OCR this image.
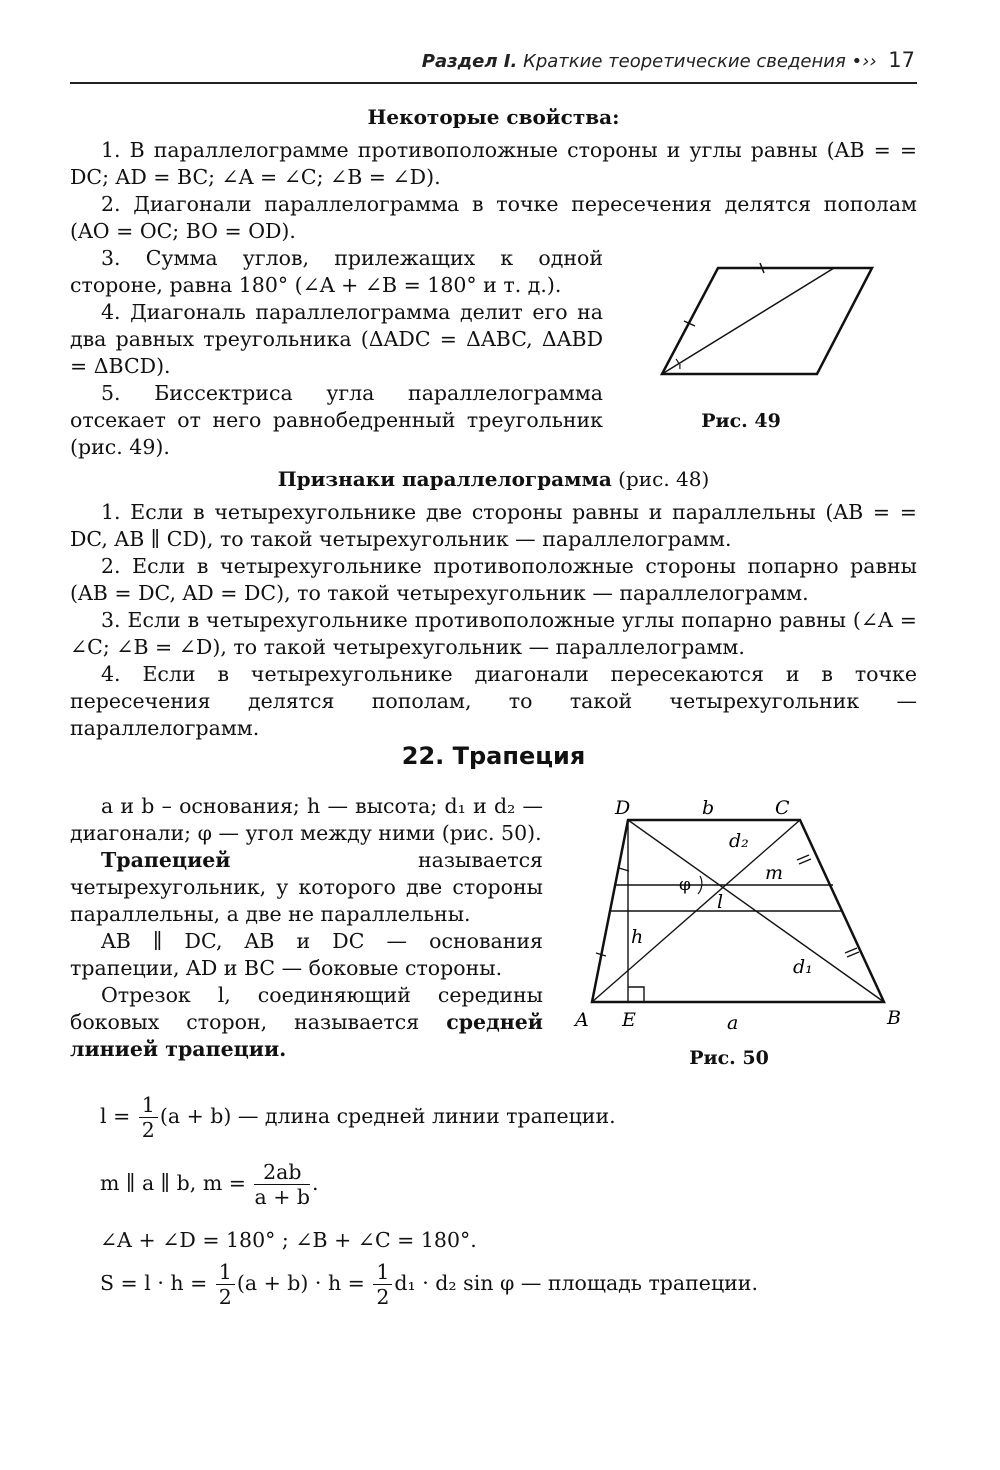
Раздел I. Краткие теоретические сведения •›› 17
Некоторые свойства:

1. В параллелограмме противоположные стороны и углы равны (AB = = DC; AD = BC; ∠A = ∠C; ∠B = ∠D).

2. Диагонали параллелограмма в точке пересечения делятся пополам (AO = OC; BO = OD).

3. Сумма углов, прилежащих к одной стороне, равна 180° (∠A + ∠B = 180° и т. д.).

4. Диагональ параллелограмма делит его на два равных треугольника (ΔADC = ΔABC, ΔABD = ΔBCD).

5. Биссектриса угла параллелограмма отсекает от него равнобедренный треугольник (рис. 49).

Рис. 49
Признаки параллелограмма (рис. 48)

1. Если в четырехугольнике две стороны равны и параллельны (AB = = DC, AB ∥ CD), то такой четырехугольник — параллелограмм.

2. Если в четырехугольнике противоположные стороны попарно равны (AB = DC, AD = DC), то такой четырехугольник — параллелограмм.

3. Если в четырехугольнике противоположные углы попарно равны (∠A = ∠C; ∠B = ∠D), то такой четырехугольник — параллелограмм.

4. Если в четырехугольнике диагонали пересекаются и в точке пересечения делятся пополам, то такой четырехугольник — параллелограмм.

22. Трапеция

a и b – основания; h — высота; d₁ и d₂ — диагонали; φ — угол между ними (рис. 50).

Трапецией называется четырехугольник, у которого две стороны параллельны, а две не параллельны.

AB ∥ DC, AB и DC — основания трапеции, AD и BC — боковые стороны.

Отрезок l, соединяющий середины боковых сторон, называется средней линией трапеции.

D	b	C
d₂
m
φ
l
h
d₁
A E	a	B
Рис. 50
$l = \frac{1}{2} (a + b)$ — длина средней линии трапеции.
m ∥ a ∥ b, $m = \frac{2ab}{a + b}$ .
∠A + ∠D = 180° ; ∠B + ∠C = 180°.
$S = l \cdot h = \frac{1}{2} (a + b) \cdot h = \frac{1}{2} d_1 \cdot d_2$ sin φ — площадь трапеции.
